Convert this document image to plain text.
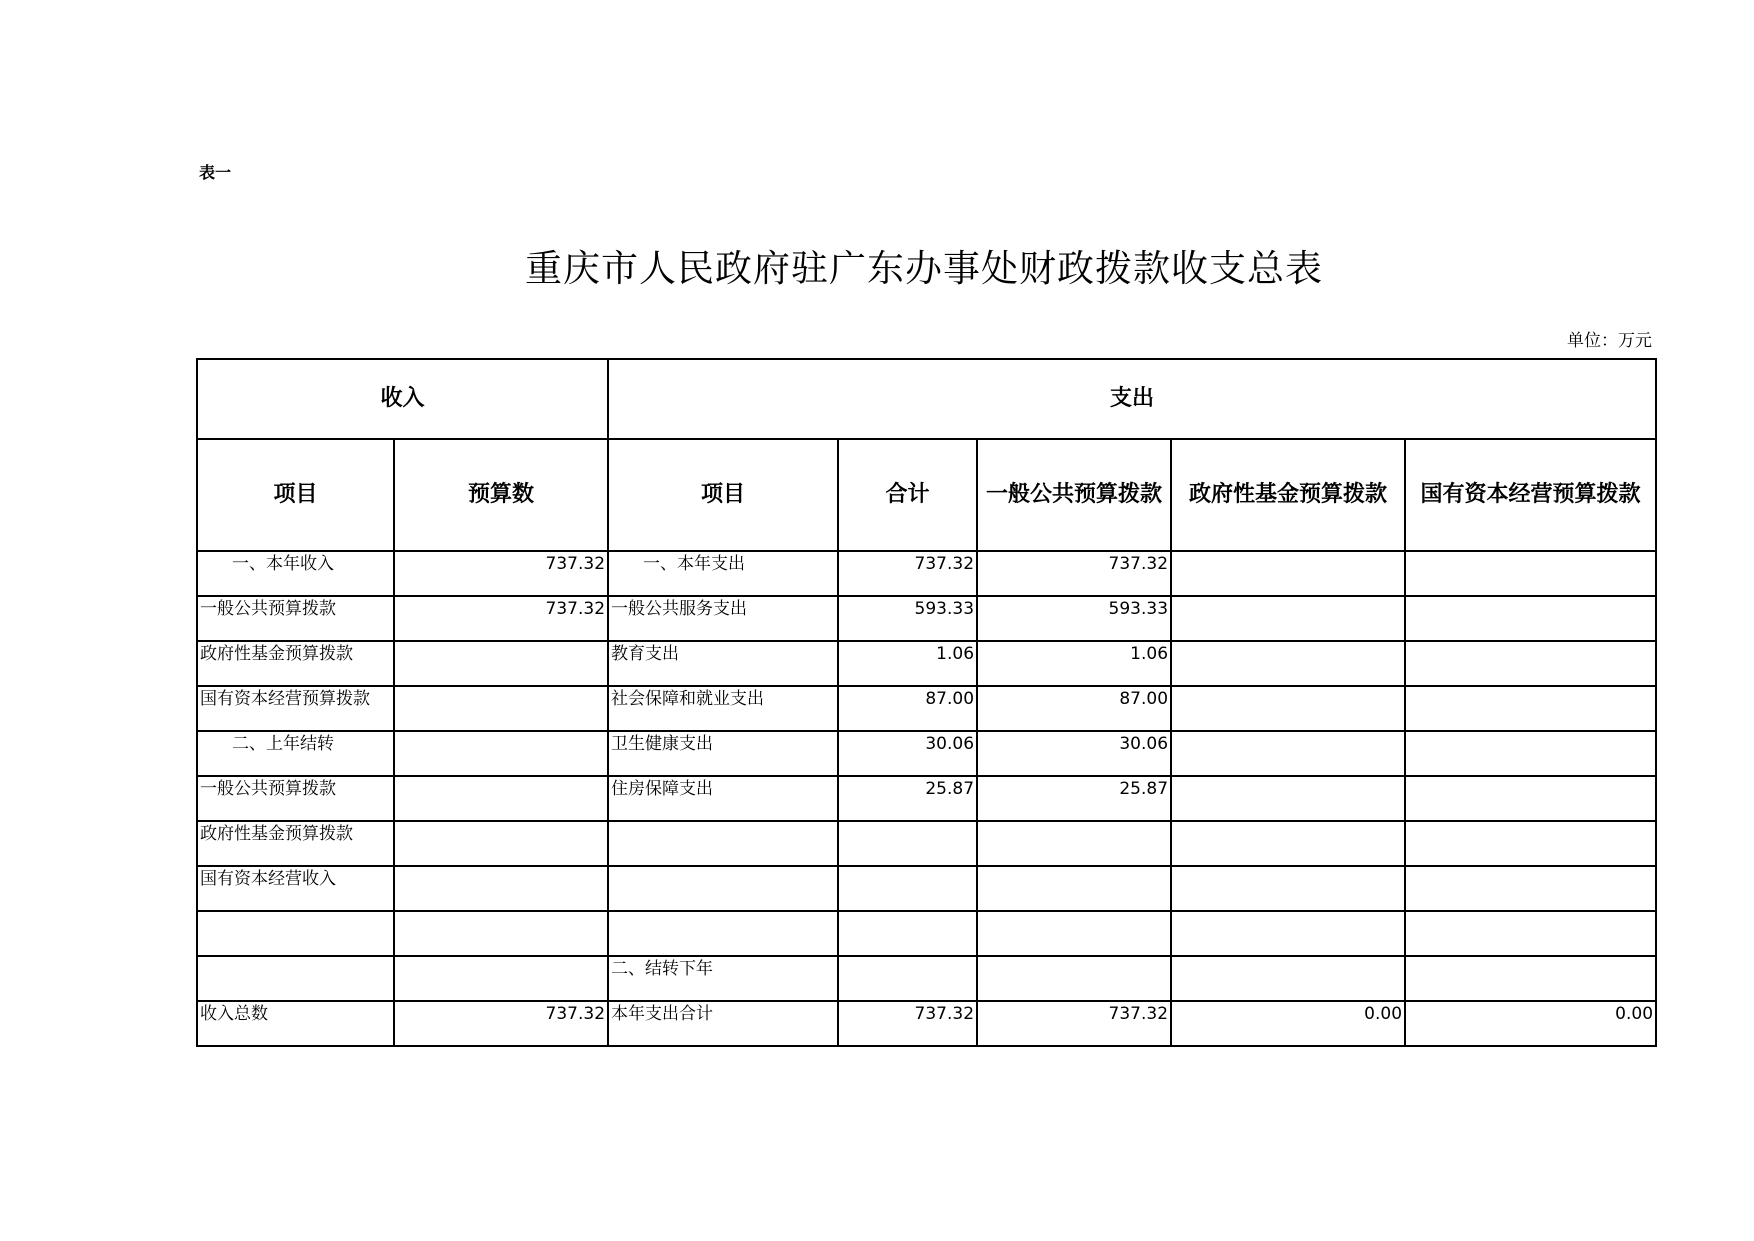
表一
重庆市人民政府驻广东办事处财政拨款收支总表
单位：万元
收入		支出				
项目	预算数	项目	合计	一般公共预算拨款	政府性基金预算拨款	国有资本经营预算拨款
一、本年收入	737.32	一、本年支出	737.32	737.32		
一般公共预算拨款	737.32	一般公共服务支出	593.33	593.33		
政府性基金预算拨款		教育支出	1.06	1.06		
国有资本经营预算拨款		社会保障和就业支出	87.00	87.00		
二、上年结转		卫生健康支出	30.06	30.06		
一般公共预算拨款		住房保障支出	25.87	25.87		
政府性基金预算拨款						
国有资本经营收入						

		二、结转下年				
收入总数	737.32	本年支出合计	737.32	737.32	0.00	0.00
